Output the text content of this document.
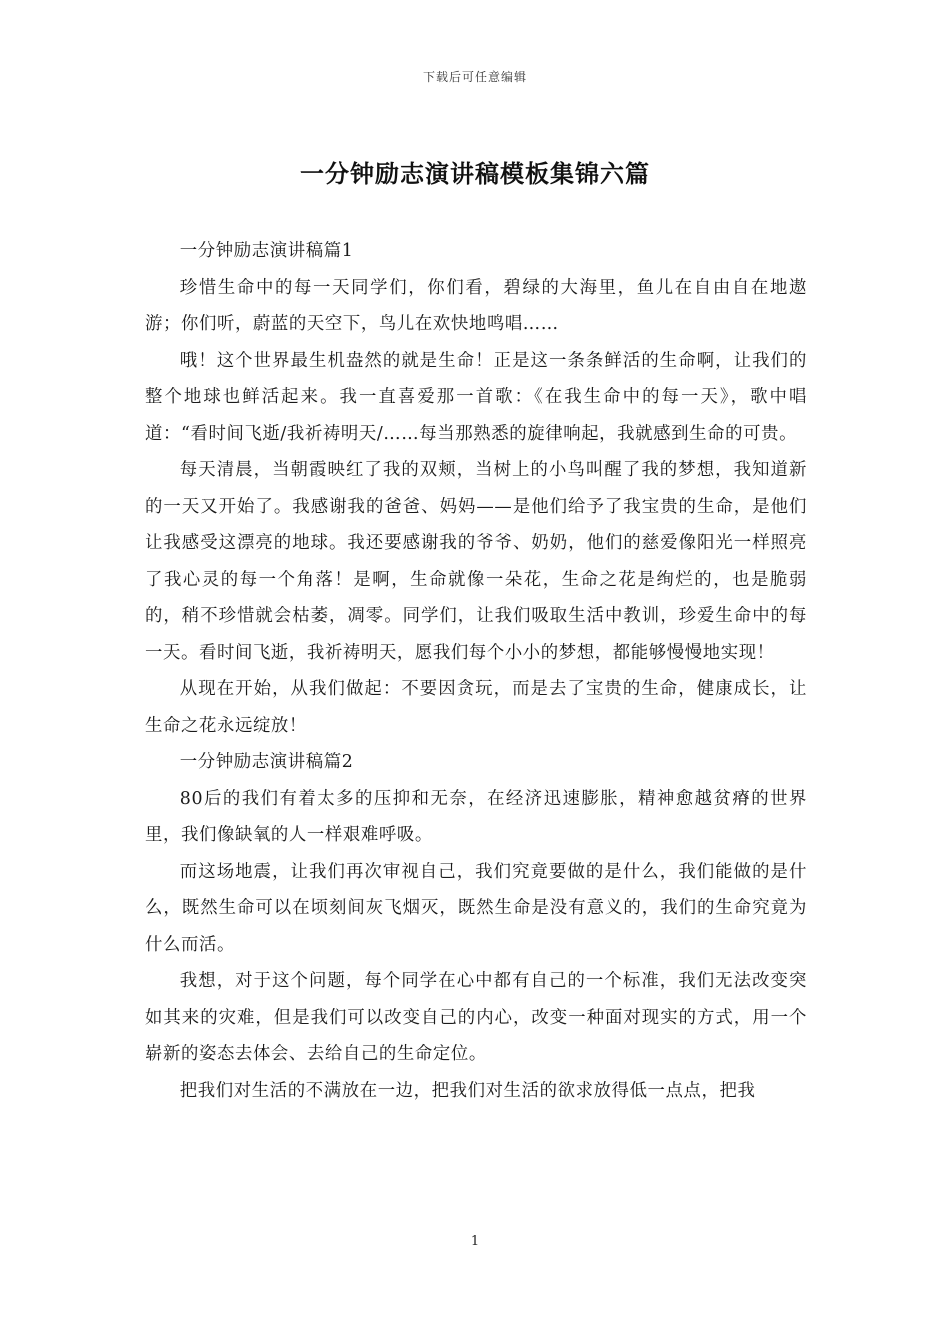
下载后可任意编辑
一分钟励志演讲稿模板集锦六篇

一分钟励志演讲稿篇1

珍惜生命中的每一天同学们，你们看，碧绿的大海里，鱼儿在自由自在地遨游；你们听，蔚蓝的天空下，鸟儿在欢快地鸣唱……

哦！这个世界最生机盎然的就是生命！正是这一条条鲜活的生命啊，让我们的整个地球也鲜活起来。我一直喜爱那一首歌：《在我生命中的每一天》，歌中唱道：“看时间飞逝/我祈祷明天/……每当那熟悉的旋律响起，我就感到生命的可贵。

每天清晨，当朝霞映红了我的双颊，当树上的小鸟叫醒了我的梦想，我知道新的一天又开始了。我感谢我的爸爸、妈妈——是他们给予了我宝贵的生命，是他们让我感受这漂亮的地球。我还要感谢我的爷爷、奶奶，他们的慈爱像阳光一样照亮了我心灵的每一个角落！是啊，生命就像一朵花，生命之花是绚烂的，也是脆弱的，稍不珍惜就会枯萎，凋零。同学们，让我们吸取生活中教训，珍爱生命中的每一天。看时间飞逝，我祈祷明天，愿我们每个小小的梦想，都能够慢慢地实现！

从现在开始，从我们做起：不要因贪玩，而是去了宝贵的生命，健康成长，让生命之花永远绽放！

一分钟励志演讲稿篇2

80后的我们有着太多的压抑和无奈，在经济迅速膨胀，精神愈越贫瘠的世界里，我们像缺氧的人一样艰难呼吸。

而这场地震，让我们再次审视自己，我们究竟要做的是什么，我们能做的是什么，既然生命可以在顷刻间灰飞烟灭，既然生命是没有意义的，我们的生命究竟为什么而活。

我想，对于这个问题，每个同学在心中都有自己的一个标准，我们无法改变突如其来的灾难，但是我们可以改变自己的内心，改变一种面对现实的方式，用一个崭新的姿态去体会、去给自己的生命定位。

把我们对生活的不满放在一边，把我们对生活的欲求放得低一点点，把我

1
